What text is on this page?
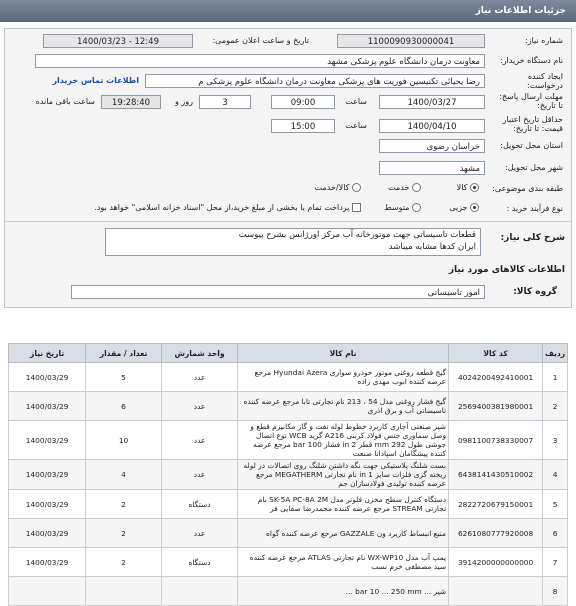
جزئیات اطلاعات نیاز
شماره نیاز:
1100090930000041
تاریخ و ساعت اعلان عمومی:
1400/03/23 - 12:49
نام دستگاه خریدار:
معاونت درمان دانشگاه علوم پزشکی مشهد
ایجاد کننده درخواست:
رضا یحیائی تکنیسین فوریت های پزشکی معاونت درمان دانشگاه علوم پزشکی م
اطلاعات تماس خریدار
مهلت ارسال پاسخ: تا تاریخ:
1400/03/27
ساعت
09:00
3
روز و
19:28:40
ساعت باقی مانده
حداقل تاریخ اعتبار قیمت: تا تاریخ:
1400/04/10
ساعت
15:00
استان محل تحویل:
خراسان رضوی
شهر محل تحویل:
مشهد
طبقه بندی موضوعی:
کالا
خدمت
کالا/خدمت
نوع فرآیند خرید :
جزیی
متوسط
پرداخت تمام یا بخشی از مبلغ خرید،از محل "اسناد خزانه اسلامی" خواهد بود.
شرح کلی نیاز:
قطعات تاسیساتی جهت موتورخانه آب مرکز اورژانس بشرح پیوست
ایران کدها مشابه میباشد
اطلاعات کالاهای مورد نیاز
گروه کالا:
امور تاسیساتی
ردیف	کد کالا	نام کالا	واحد شمارش	تعداد / مقدار	تاریخ نیاز
1	4024200492410001	گیج قطعه روغنی موتور خودرو سواری Hyundai Azera مرجع عرضه کننده ابوب مهدی زاده	عدد	5	1400/03/29
2	2569400381980001	گیج فشار روغنی مدل 54 ، 213 نام تجارتی تابا مرجع عرضه کننده تاسیساتی آب و برق اذری	عدد	6	1400/03/29
3	0981100738330007	شیر صنعتی آچاری کاربرد خطوط لوله نفت و گاز مکانیزم قطع و وصل سماوری جنس فولاد کربنی A216 گرید WCB نوع اتصال جوشی طول 292 mm قطر 2 in فشار 100 bar مرجع عرضه کننده پیشگامان اسپادانا صنعت	عدد	10	1400/03/29
4	6438141430510002	بست شلنگ پلاستیکی جهت نگه داشتن شلنگ روی اتصالات در لوله ریخته گری فلزات سایز 1 in نام تجارتی MEGATHERM مرجع عرضه کننده تولیدی فولادسازان جم	عدد	4	1400/03/29
5	2822720679150001	دستگاه کنترل سطح مخزن فلوتر مدل SK-5A PC-8A 2M نام تجارتی STREAM مرجع عرضه کننده محمدرضا صفایی فر	دستگاه	2	1400/03/29
6	6261080777920008	منبع انبساط کاربرد ون GAZZALE مرجع عرضه کننده گواه	عدد	2	1400/03/29
7	3914200000000000	پمپ آب مدل WX-WP10 نام تجارتی ATLAS مرجع عرضه کننده سید مصطفی خرم نسب	دستگاه	2	1400/03/29
8		شیر ... bar 10 ... 250 mm ...			
